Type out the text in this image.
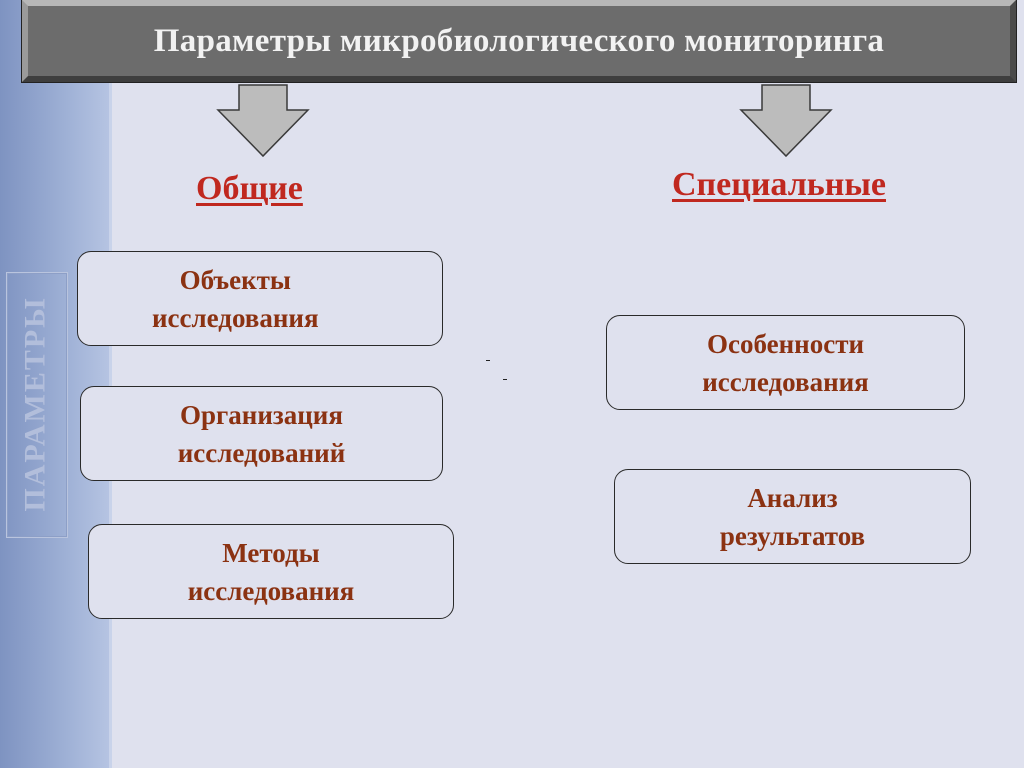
ПАРАМЕТРЫ
Параметры микробиологического мониторинга
Общие	Специальные
Объекты
исследования
Организация
исследований
Методы
исследования
Особенности
исследования
Анализ
результатов
